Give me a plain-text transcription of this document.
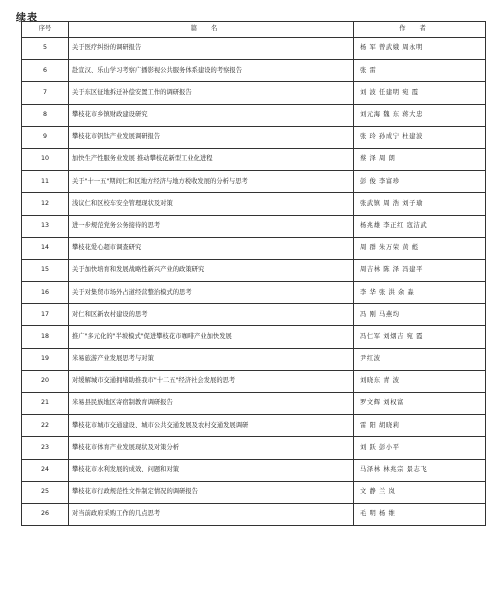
续表
序号	篇名	作者
5	关于医疗纠纷的调研报告	杨 军 曾武娥 周永明
6	赴宣汉、乐山学习考察广播影视公共服务体系建设的考察报告	张 雷
7	关于东区征地拆迁补偿安置工作的调研报告	刘 波 任建明 宛 霞
8	攀枝花市乡镇财政建设研究	刘元海 魏 东 蒋大忠
9	攀枝花市钒钛产业发展调研报告	张 玲 孙成宁 杜建波
10	加快生产性服务业发展 推动攀枝花新型工业化进程	蔡 泽 周 朗
11	关于"十一五"期间仁和区地方经济与地方税收发展的分析与思考	彭 俊 李富珍
12	浅议仁和区校车安全管理现状及对策	张武镇 周 浩 刘子瑜
13	进一步规范党务公务接待的思考	杨兆雄 李正红 寇洁武
14	攀枝花爱心超市调查研究	周 群 朱万荣 黄 彪
15	关于加快培育和发展战略性新兴产业的政策研究	周吉林 陈 泽 冯建平
16	关于对集贸市场外占道经营整治模式的思考	李 华 张 洪 余 淼
17	对仁和区新农村建设的思考	冯 刚 马燕均
18	推广"多元化的"半坡模式"促进攀枝花市咖啡产业加快发展	冯仁军 刘烟吉 宛 霞
19	米易旅游产业发展思考与对策	尹红波
20	对缓解城市交通拥堵助推我市"十二五"经济社会发展的思考	刘晓东 青 波
21	米易县民族地区寄宿制教育调研报告	罗文辉 刘权富
22	攀枝花市城市交通建设、城市公共交通发展及农村交通发展调研	雷 阳 胡晓莉
23	攀枝花市体育产业发展现状及对策分析	刘 跃 彭小平
24	攀枝花市水利发展的成效、问题和对策	马泽林 林兆宗 景志飞
25	攀枝花市行政规范性文件制定情况的调研报告	文 静 兰 岚
26	对当前政府采购工作的几点思考	毛 明 杨 维
